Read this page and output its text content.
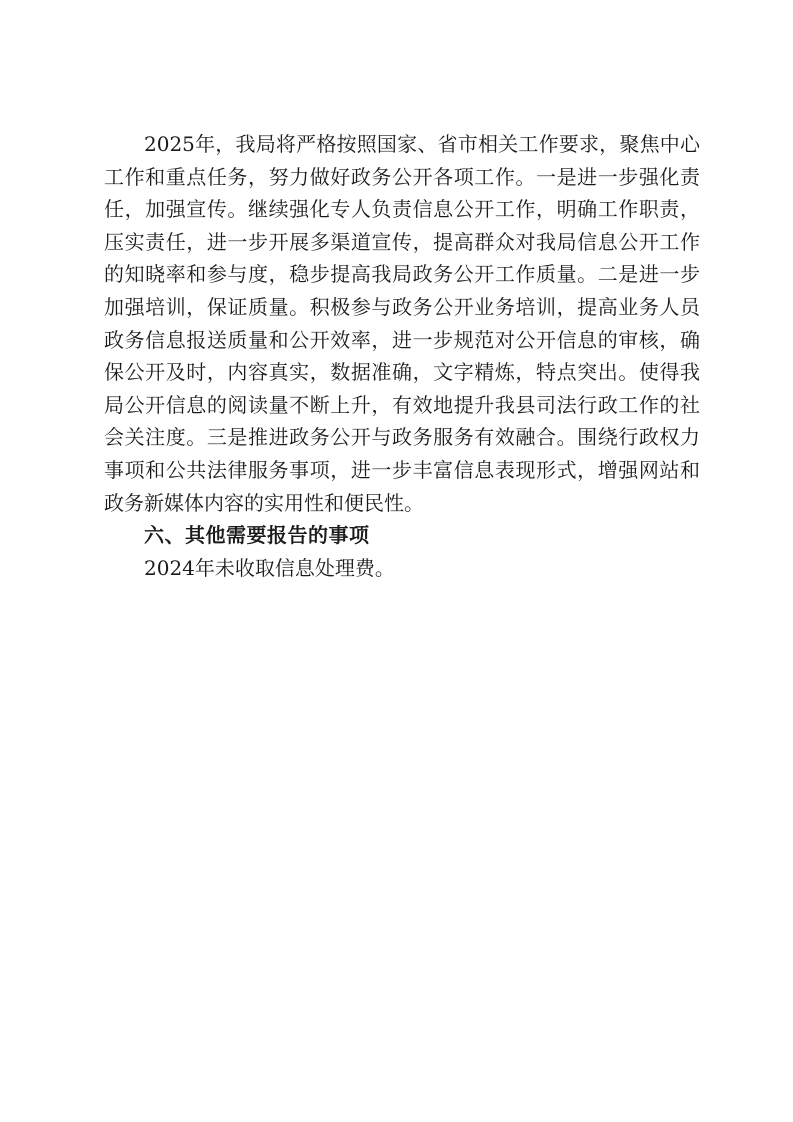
2025年，我局将严格按照国家、省市相关工作要求，聚焦中心工作和重点任务，努力做好政务公开各项工作。一是进一步强化责任，加强宣传。继续强化专人负责信息公开工作，明确工作职责，压实责任，进一步开展多渠道宣传，提高群众对我局信息公开工作的知晓率和参与度，稳步提高我局政务公开工作质量。二是进一步加强培训，保证质量。积极参与政务公开业务培训，提高业务人员政务信息报送质量和公开效率，进一步规范对公开信息的审核，确保公开及时，内容真实，数据准确，文字精炼，特点突出。使得我局公开信息的阅读量不断上升，有效地提升我县司法行政工作的社会关注度。三是推进政务公开与政务服务有效融合。围绕行政权力事项和公共法律服务事项，进一步丰富信息表现形式，增强网站和政务新媒体内容的实用性和便民性。

六、其他需要报告的事项

2024年未收取信息处理费。
